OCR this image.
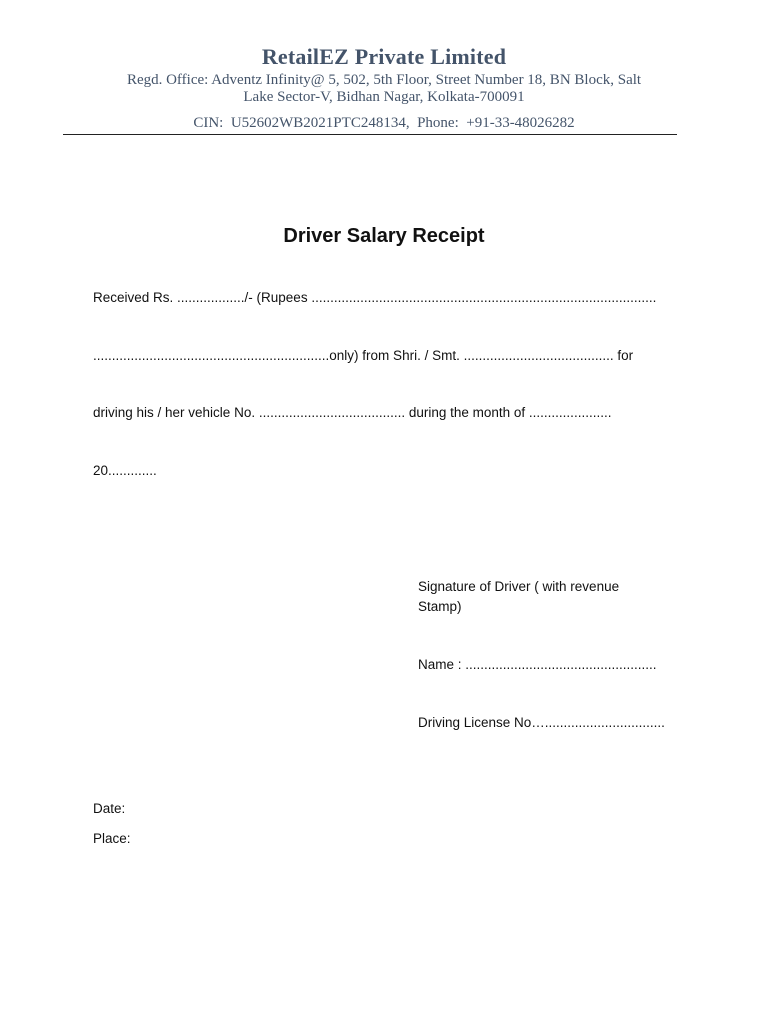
RetailEZ Private Limited
Regd. Office: Adventz Infinity@ 5, 502, 5th Floor, Street Number 18, BN Block, Salt
Lake Sector-V, Bidhan Nagar, Kolkata-700091
CIN:  U52602WB2021PTC248134,  Phone:  +91-33-48026282
Driver Salary Receipt
Received Rs. ................../- (Rupees ............................................................................................
...............................................................only) from Shri. / Smt. ........................................ for
driving his / her vehicle No. ....................................... during the month of ......................
20.............
Signature of Driver ( with revenue
Stamp)
Name : ...................................................
Driving License No…................................
Date:
Place:
